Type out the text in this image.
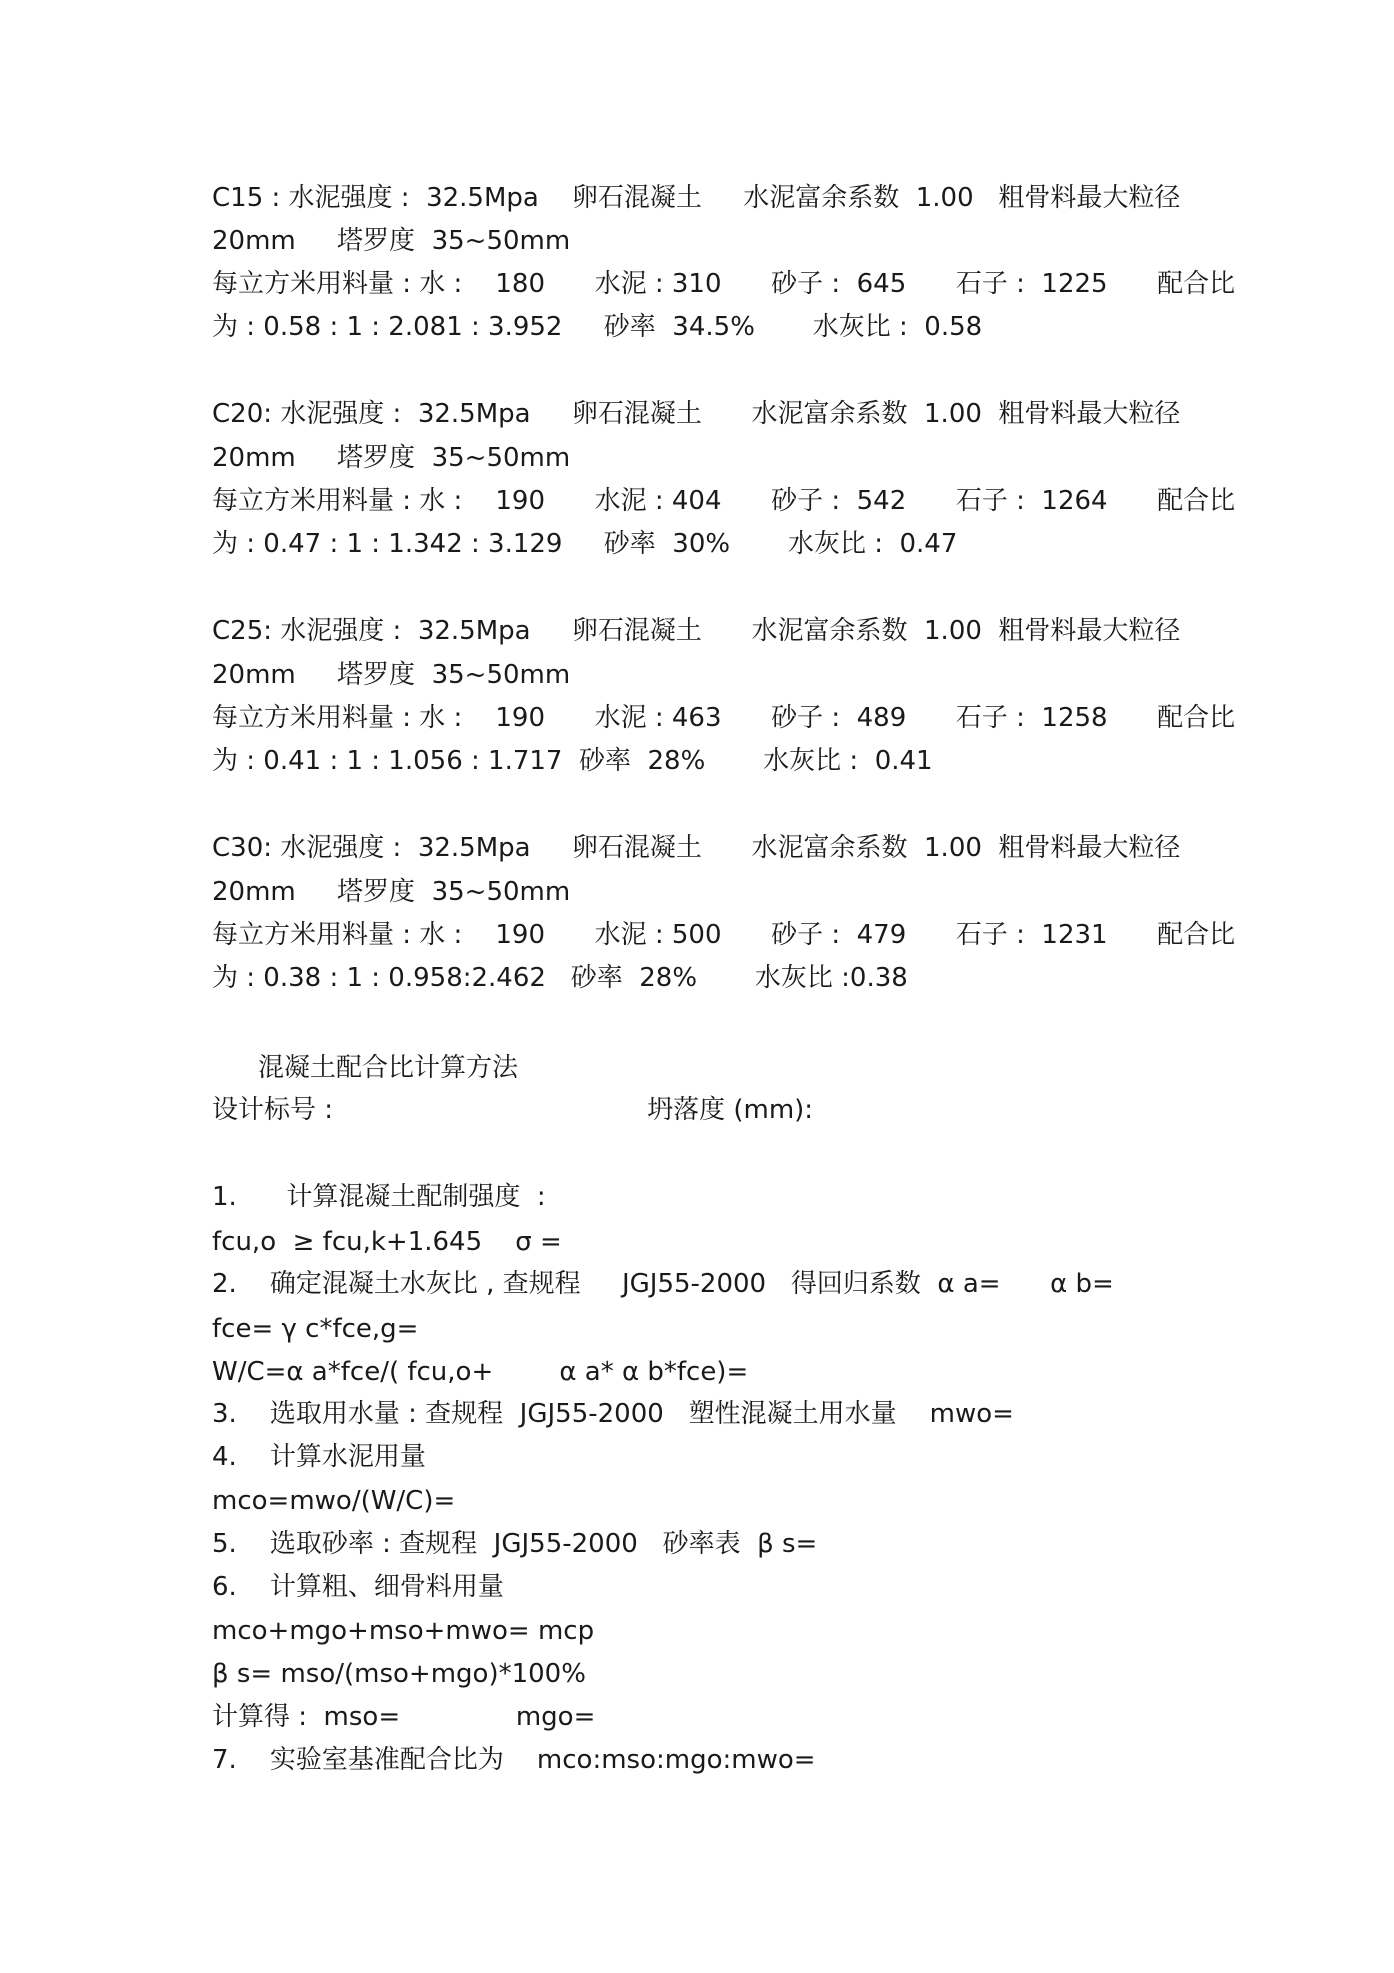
C15 : 水泥强度 :  32.5Mpa    卵石混凝土     水泥富余系数  1.00   粗骨料最大粒径
20mm     塔罗度  35~50mm
每立方米用料量 : 水 :    180      水泥 : 310      砂子 :  645      石子 :  1225      配合比
为 : 0.58 : 1 : 2.081 : 3.952     砂率  34.5%       水灰比 :  0.58
C20: 水泥强度 :  32.5Mpa     卵石混凝土      水泥富余系数  1.00  粗骨料最大粒径
20mm     塔罗度  35~50mm
每立方米用料量 : 水 :    190      水泥 : 404      砂子 :  542      石子 :  1264      配合比
为 : 0.47 : 1 : 1.342 : 3.129     砂率  30%       水灰比 :  0.47
C25: 水泥强度 :  32.5Mpa     卵石混凝土      水泥富余系数  1.00  粗骨料最大粒径
20mm     塔罗度  35~50mm
每立方米用料量 : 水 :    190      水泥 : 463      砂子 :  489      石子 :  1258      配合比
为 : 0.41 : 1 : 1.056 : 1.717  砂率  28%       水灰比 :  0.41
C30: 水泥强度 :  32.5Mpa     卵石混凝土      水泥富余系数  1.00  粗骨料最大粒径
20mm     塔罗度  35~50mm
每立方米用料量 : 水 :    190      水泥 : 500      砂子 :  479      石子 :  1231      配合比
为 : 0.38 : 1 : 0.958:2.462   砂率  28%       水灰比 :0.38
混凝土配合比计算方法
设计标号 :                                      坍落度 (mm):
1.      计算混凝土配制强度  :
fcu,o  ≥ fcu,k+1.645    σ =
2.    确定混凝土水灰比 , 查规程     JGJ55-2000   得回归系数  α a=      α b=
fce= γ c*fce,g=
W/C=α a*fce/( fcu,o+        α a* α b*fce)=
3.    选取用水量 : 查规程  JGJ55-2000   塑性混凝土用水量    mwo=
4.    计算水泥用量
mco=mwo/(W/C)=
5.    选取砂率 : 查规程  JGJ55-2000   砂率表  β s=
6.    计算粗、细骨料用量
mco+mgo+mso+mwo= mcp
β s= mso/(mso+mgo)*100%
计算得 :  mso=              mgo=
7.    实验室基准配合比为    mco:mso:mgo:mwo=
